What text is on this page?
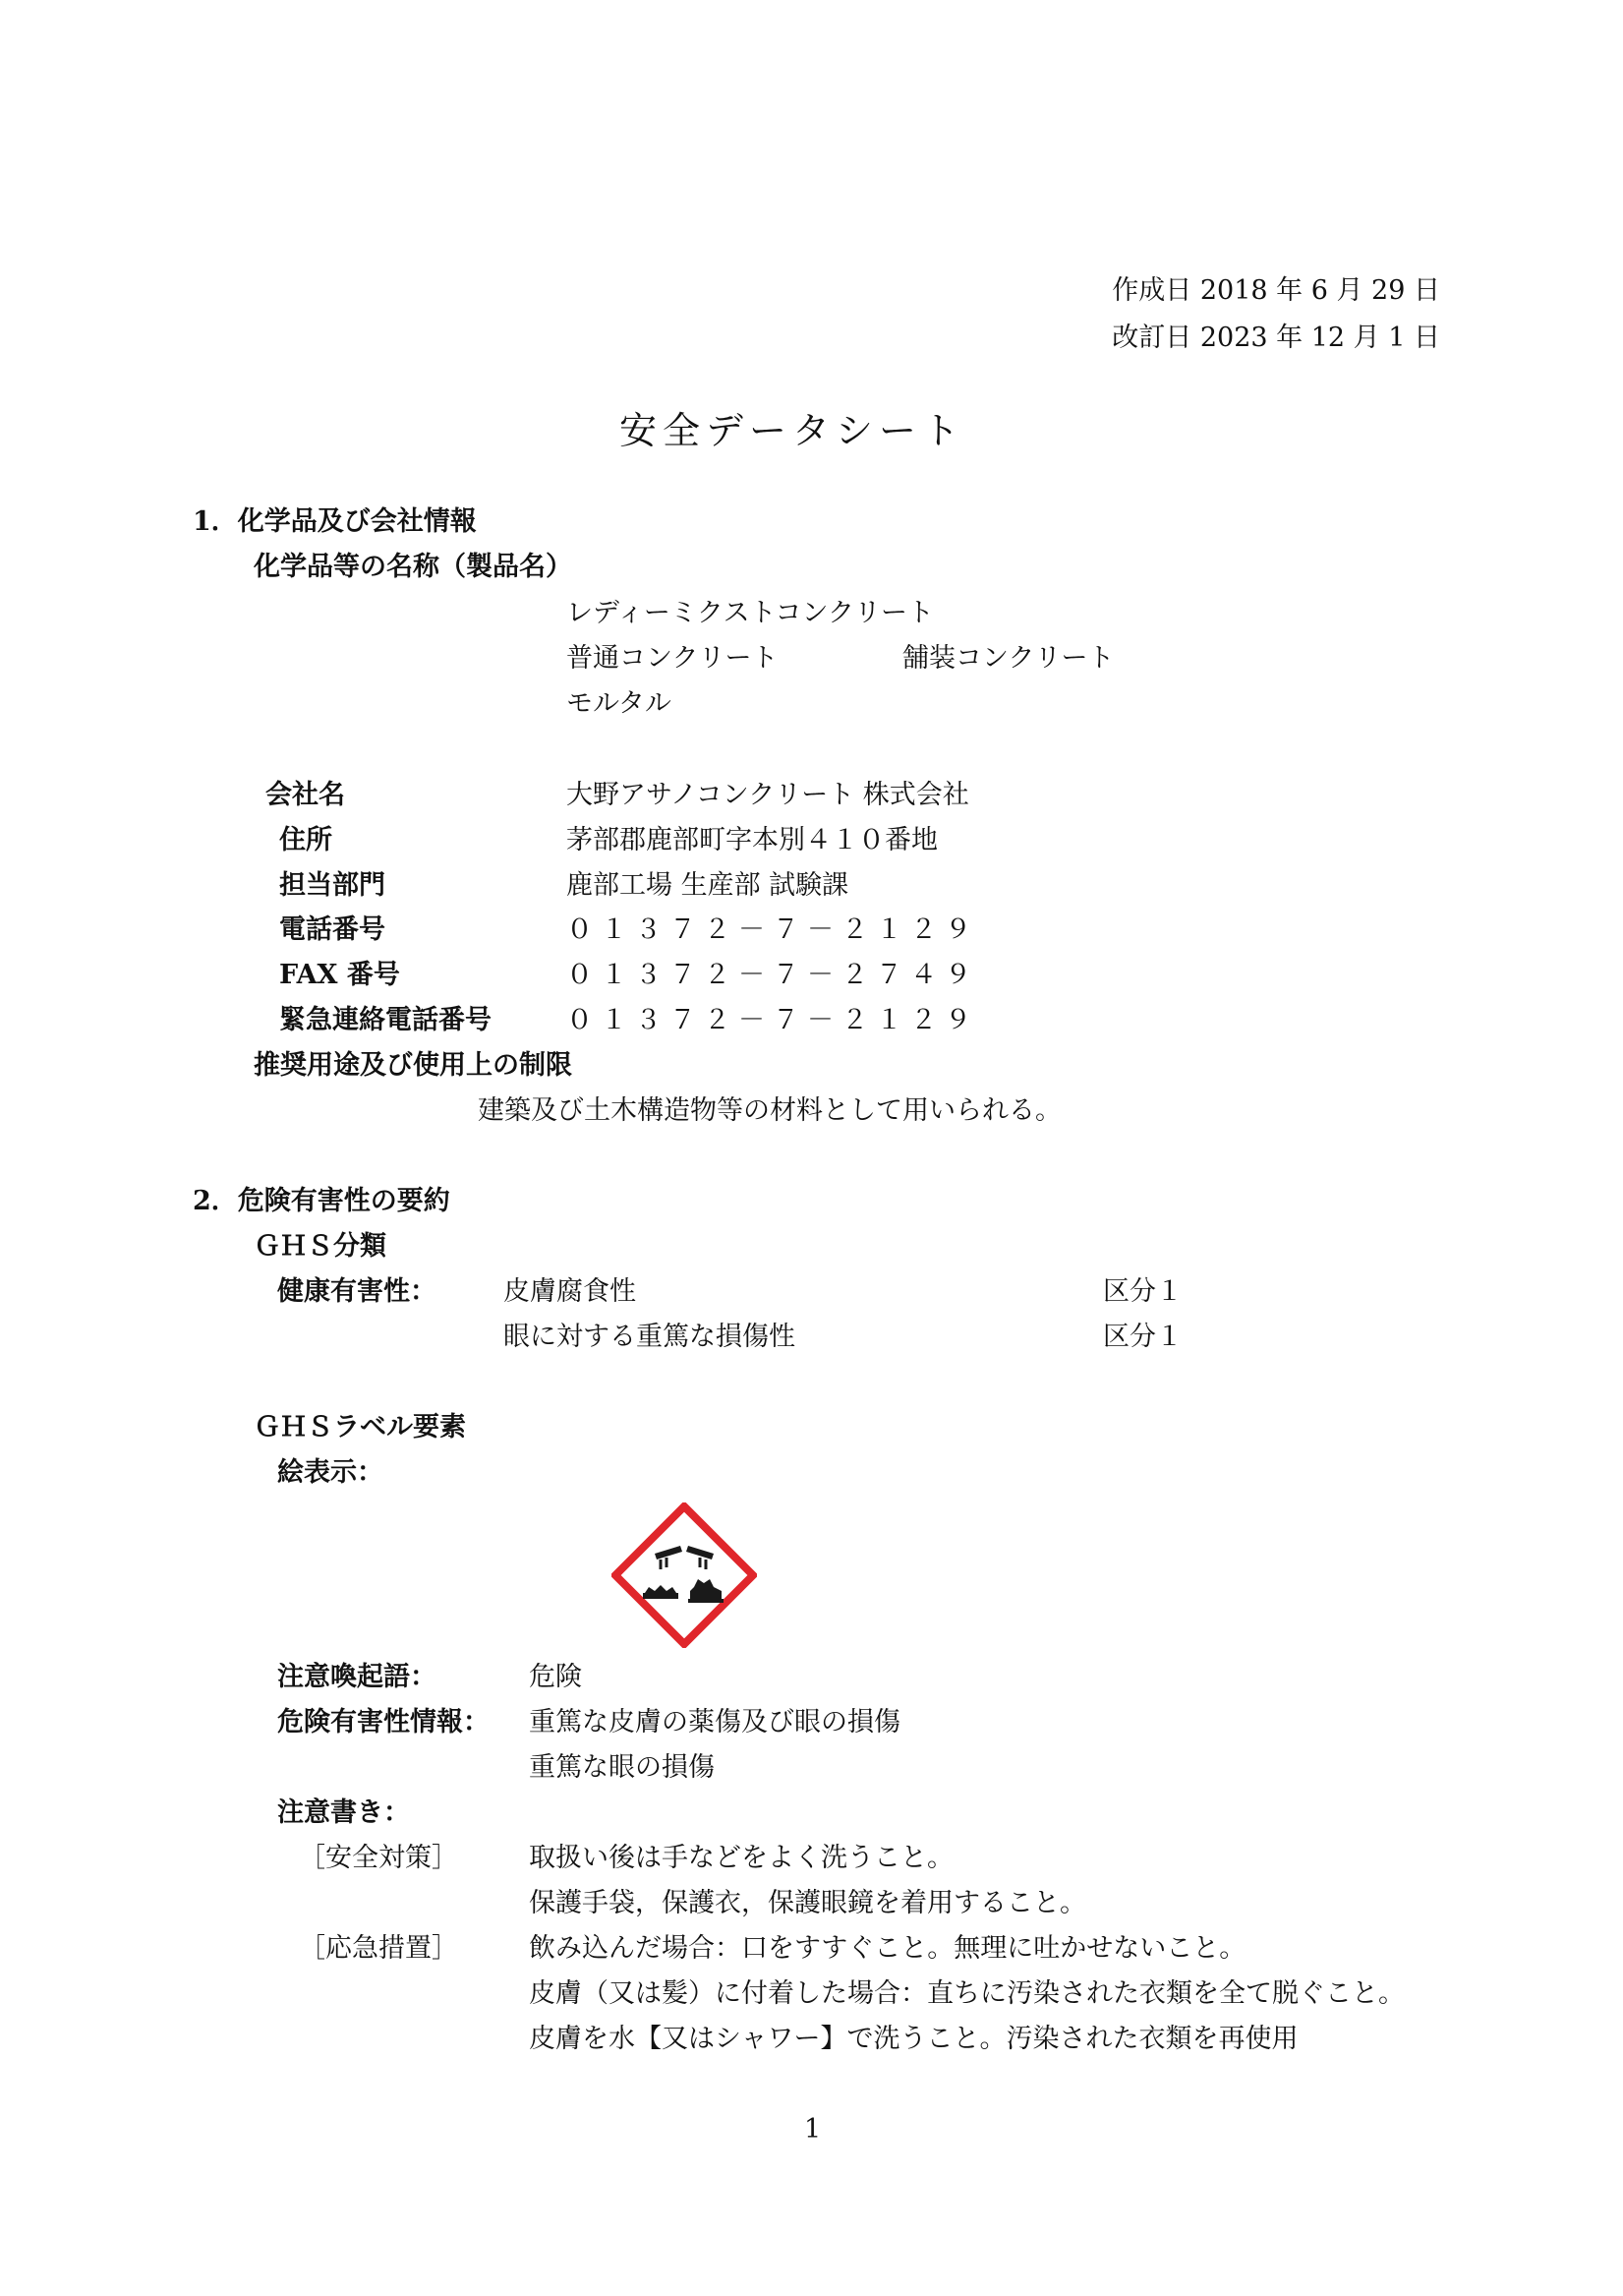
作成日 2018 年 6 月 29 日
改訂日 2023 年 12 月 1 日
安全データシート
1．化学品及び会社情報
化学品等の名称（製品名）
レディーミクストコンクリート
普通コンクリート	舗装コンクリート
モルタル
会社名	大野アサノコンクリート 株式会社
住所	茅部郡鹿部町字本別４１０番地
担当部門	鹿部工場 生産部 試験課
電話番号	０１３７２－７－２１２９
FAX 番号	０１３７２－７－２７４９
緊急連絡電話番号	０１３７２－７－２１２９
推奨用途及び使用上の制限
建築及び土木構造物等の材料として用いられる。
2．危険有害性の要約
ＧＨＳ分類
健康有害性：	皮膚腐食性	区分１
眼に対する重篤な損傷性	区分１
ＧＨＳラベル要素
絵表示：
注意喚起語：	危険
危険有害性情報： 重篤な皮膚の薬傷及び眼の損傷
重篤な眼の損傷
注意書き：
［安全対策］	取扱い後は手などをよく洗うこと。
保護手袋，保護衣，保護眼鏡を着用すること。
［応急措置］	飲み込んだ場合：口をすすぐこと。無理に吐かせないこと。
皮膚（又は髪）に付着した場合：直ちに汚染された衣類を全て脱ぐこと。
皮膚を水【又はシャワー】で洗うこと。汚染された衣類を再使用
1
